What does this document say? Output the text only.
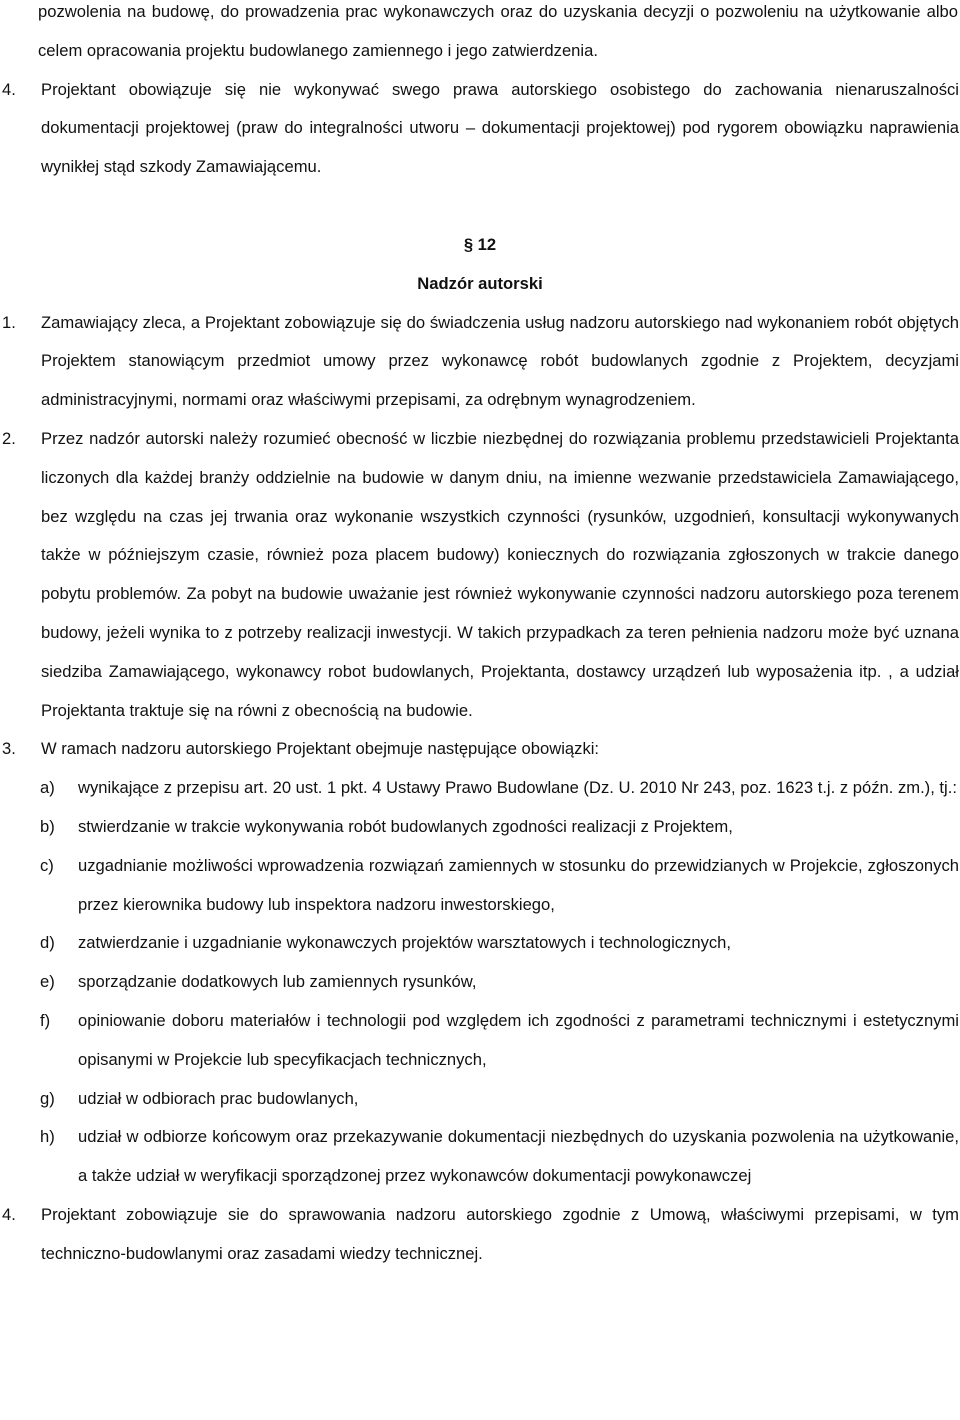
pozwolenia na budowę, do prowadzenia prac wykonawczych oraz do uzyskania decyzji o pozwoleniu na użytkowanie albo celem opracowania projektu budowlanego zamiennego i jego zatwierdzenia.
4. Projektant obowiązuje się nie wykonywać swego prawa autorskiego osobistego do zachowania nienaruszalności dokumentacji projektowej (praw do integralności utworu – dokumentacji projektowej) pod rygorem obowiązku naprawienia wynikłej stąd szkody Zamawiającemu.
§ 12
Nadzór autorski
1. Zamawiający zleca, a Projektant zobowiązuje się do świadczenia usług nadzoru autorskiego nad wykonaniem robót objętych Projektem stanowiącym przedmiot umowy przez wykonawcę robót budowlanych zgodnie z Projektem, decyzjami administracyjnymi, normami oraz właściwymi przepisami, za odrębnym wynagrodzeniem.
2. Przez nadzór autorski należy rozumieć obecność w liczbie niezbędnej do rozwiązania problemu przedstawicieli Projektanta liczonych dla każdej branży oddzielnie na budowie w danym dniu, na imienne wezwanie przedstawiciela Zamawiającego, bez względu na czas jej trwania oraz wykonanie wszystkich czynności (rysunków, uzgodnień, konsultacji wykonywanych także w późniejszym czasie, również poza placem budowy) koniecznych do rozwiązania zgłoszonych w trakcie danego pobytu problemów. Za pobyt na budowie uważanie jest również wykonywanie czynności nadzoru autorskiego poza terenem budowy, jeżeli wynika to z potrzeby realizacji inwestycji. W takich przypadkach za teren pełnienia nadzoru może być uznana siedziba Zamawiającego, wykonawcy robot budowlanych, Projektanta, dostawcy urządzeń lub wyposażenia itp. , a udział Projektanta traktuje się na równi z obecnością na budowie.
3. W ramach nadzoru autorskiego Projektant obejmuje następujące obowiązki:
a) wynikające z przepisu art. 20 ust. 1 pkt. 4 Ustawy Prawo Budowlane (Dz. U. 2010 Nr 243, poz. 1623 t.j. z późn. zm.), tj.:
b) stwierdzanie w trakcie wykonywania robót budowlanych zgodności realizacji z Projektem,
c) uzgadnianie możliwości wprowadzenia rozwiązań zamiennych w stosunku do przewidzianych w Projekcie, zgłoszonych przez kierownika budowy lub inspektora nadzoru inwestorskiego,
d) zatwierdzanie i uzgadnianie wykonawczych projektów warsztatowych i technologicznych,
e) sporządzanie dodatkowych lub zamiennych rysunków,
f) opiniowanie doboru materiałów i technologii pod względem ich zgodności z parametrami technicznymi i estetycznymi opisanymi w Projekcie lub specyfikacjach technicznych,
g) udział w odbiorach prac budowlanych,
h) udział w odbiorze końcowym oraz przekazywanie dokumentacji niezbędnych do uzyskania pozwolenia na użytkowanie, a także udział w weryfikacji sporządzonej przez wykonawców dokumentacji powykonawczej
4. Projektant zobowiązuje sie do sprawowania nadzoru autorskiego zgodnie z Umową, właściwymi przepisami, w tym techniczno-budowlanymi oraz zasadami wiedzy technicznej.
